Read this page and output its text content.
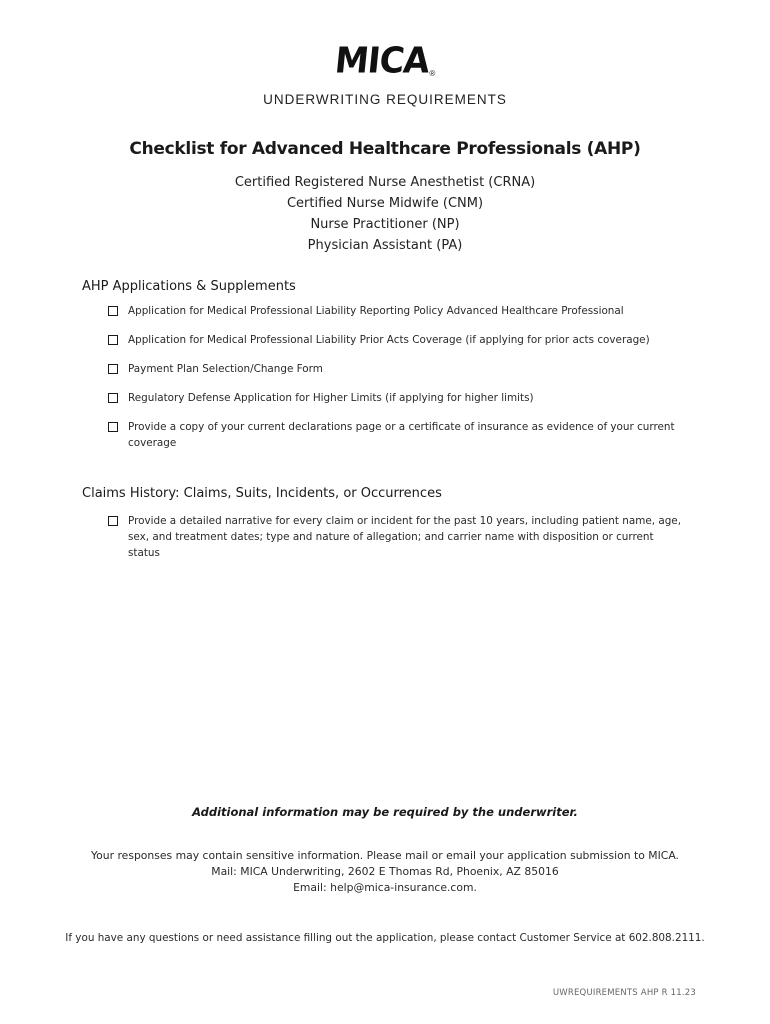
MICA®
UNDERWRITING REQUIREMENTS
Checklist for Advanced Healthcare Professionals (AHP)
Certified Registered Nurse Anesthetist (CRNA)
Certified Nurse Midwife (CNM)
Nurse Practitioner (NP)
Physician Assistant (PA)
AHP Applications & Supplements
Application for Medical Professional Liability Reporting Policy Advanced Healthcare Professional
Application for Medical Professional Liability Prior Acts Coverage (if applying for prior acts coverage)
Payment Plan Selection/Change Form
Regulatory Defense Application for Higher Limits (if applying for higher limits)
Provide a copy of your current declarations page or a certificate of insurance as evidence of your current coverage
Claims History: Claims, Suits, Incidents, or Occurrences
Provide a detailed narrative for every claim or incident for the past 10 years, including patient name, age, sex, and treatment dates; type and nature of allegation; and carrier name with disposition or current status
Additional information may be required by the underwriter.
Your responses may contain sensitive information. Please mail or email your application submission to MICA.
Mail: MICA Underwriting, 2602 E Thomas Rd, Phoenix, AZ 85016
Email: help@mica-insurance.com.
If you have any questions or need assistance filling out the application, please contact Customer Service at 602.808.2111.
UWREQUIREMENTS AHP R 11.23
